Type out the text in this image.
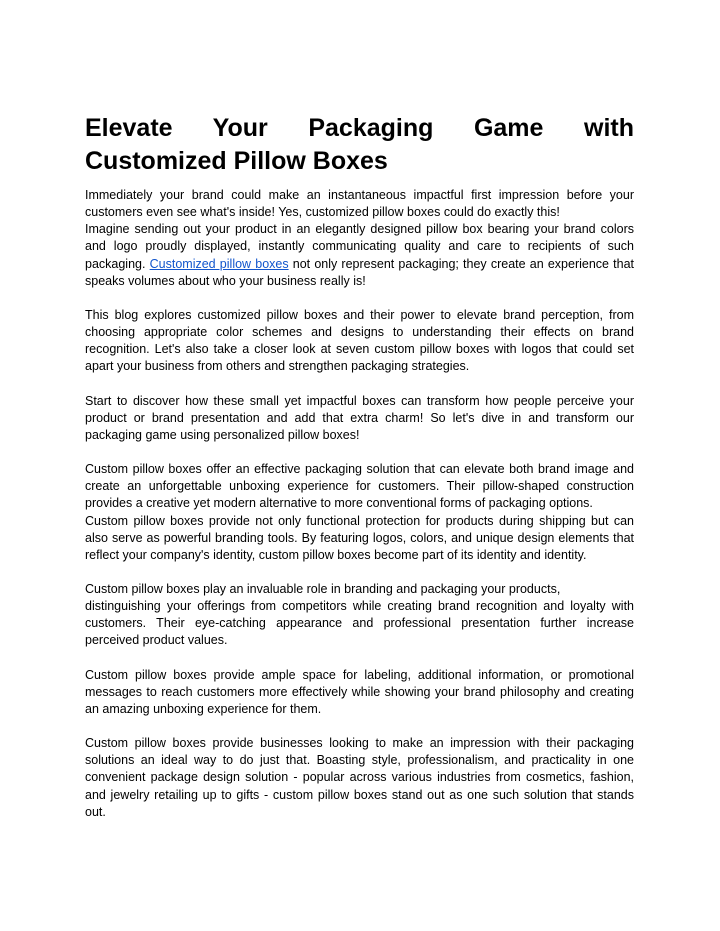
Elevate Your Packaging Game with Customized Pillow Boxes

Immediately your brand could make an instantaneous impactful first impression before your customers even see what's inside! Yes, customized pillow boxes could do exactly this!

Imagine sending out your product in an elegantly designed pillow box bearing your brand colors and logo proudly displayed, instantly communicating quality and care to recipients of such packaging. Customized pillow boxes not only represent packaging; they create an experience that speaks volumes about who your business really is!

This blog explores customized pillow boxes and their power to elevate brand perception, from choosing appropriate color schemes and designs to understanding their effects on brand recognition. Let's also take a closer look at seven custom pillow boxes with logos that could set apart your business from others and strengthen packaging strategies.

Start to discover how these small yet impactful boxes can transform how people perceive your product or brand presentation and add that extra charm! So let's dive in and transform our packaging game using personalized pillow boxes!

Custom pillow boxes offer an effective packaging solution that can elevate both brand image and create an unforgettable unboxing experience for customers. Their pillow-shaped construction provides a creative yet modern alternative to more conventional forms of packaging options.

Custom pillow boxes provide not only functional protection for products during shipping but can also serve as powerful branding tools. By featuring logos, colors, and unique design elements that reflect your company's identity, custom pillow boxes become part of its identity and identity.

Custom pillow boxes play an invaluable role in branding and packaging your products,
distinguishing your offerings from competitors while creating brand recognition and loyalty with customers. Their eye-catching appearance and professional presentation further increase perceived product values.

Custom pillow boxes provide ample space for labeling, additional information, or promotional messages to reach customers more effectively while showing your brand philosophy and creating an amazing unboxing experience for them.

Custom pillow boxes provide businesses looking to make an impression with their packaging solutions an ideal way to do just that. Boasting style, professionalism, and practicality in one convenient package design solution - popular across various industries from cosmetics, fashion, and jewelry retailing up to gifts - custom pillow boxes stand out as one such solution that stands out.
